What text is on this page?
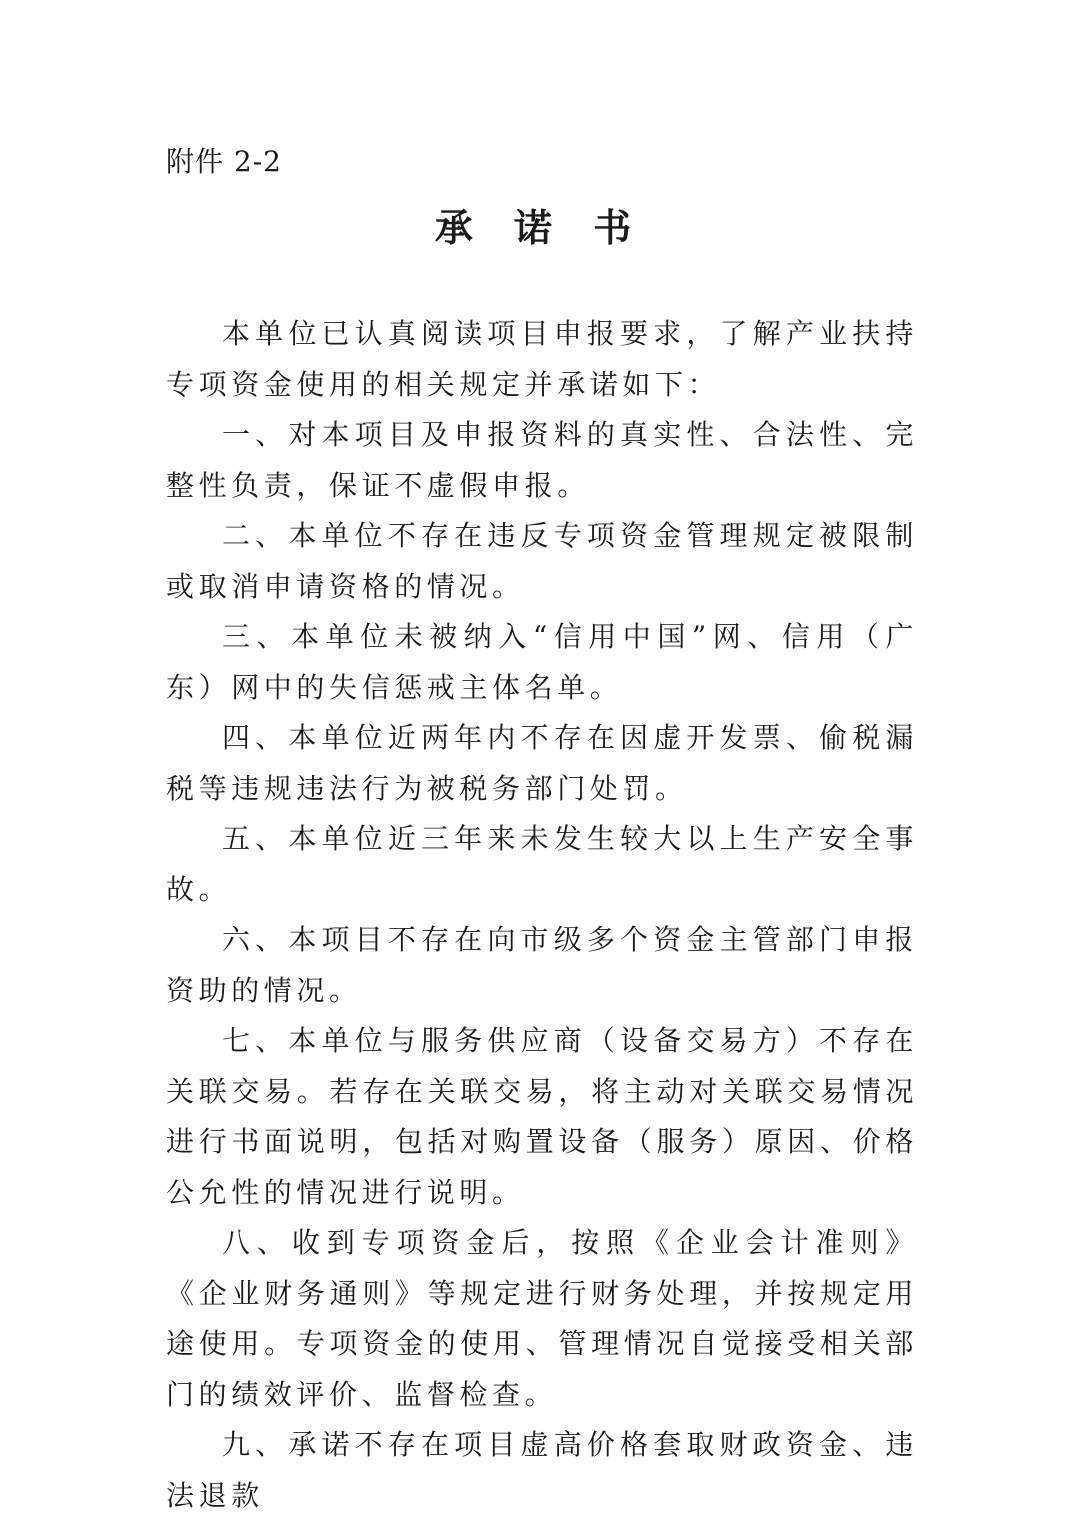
附件 2-2
承 诺 书

本单位已认真阅读项目申报要求，了解产业扶持专项资金使用的相关规定并承诺如下：

一、对本项目及申报资料的真实性、合法性、完整性负责，保证不虚假申报。

二、本单位不存在违反专项资金管理规定被限制或取消申请资格的情况。

三、本单位未被纳入“信用中国”网、信用（广东）网中的失信惩戒主体名单。

四、本单位近两年内不存在因虚开发票、偷税漏税等违规违法行为被税务部门处罚。

五、本单位近三年来未发生较大以上生产安全事故。

六、本项目不存在向市级多个资金主管部门申报资助的情况。

七、本单位与服务供应商（设备交易方）不存在关联交易。若存在关联交易，将主动对关联交易情况进行书面说明，包括对购置设备（服务）原因、价格公允性的情况进行说明。

八、收到专项资金后，按照《企业会计准则》《企业财务通则》等规定进行财务处理，并按规定用途使用。专项资金的使用、管理情况自觉接受相关部门的绩效评价、监督检查。

九、承诺不存在项目虚高价格套取财政资金、违法退款
